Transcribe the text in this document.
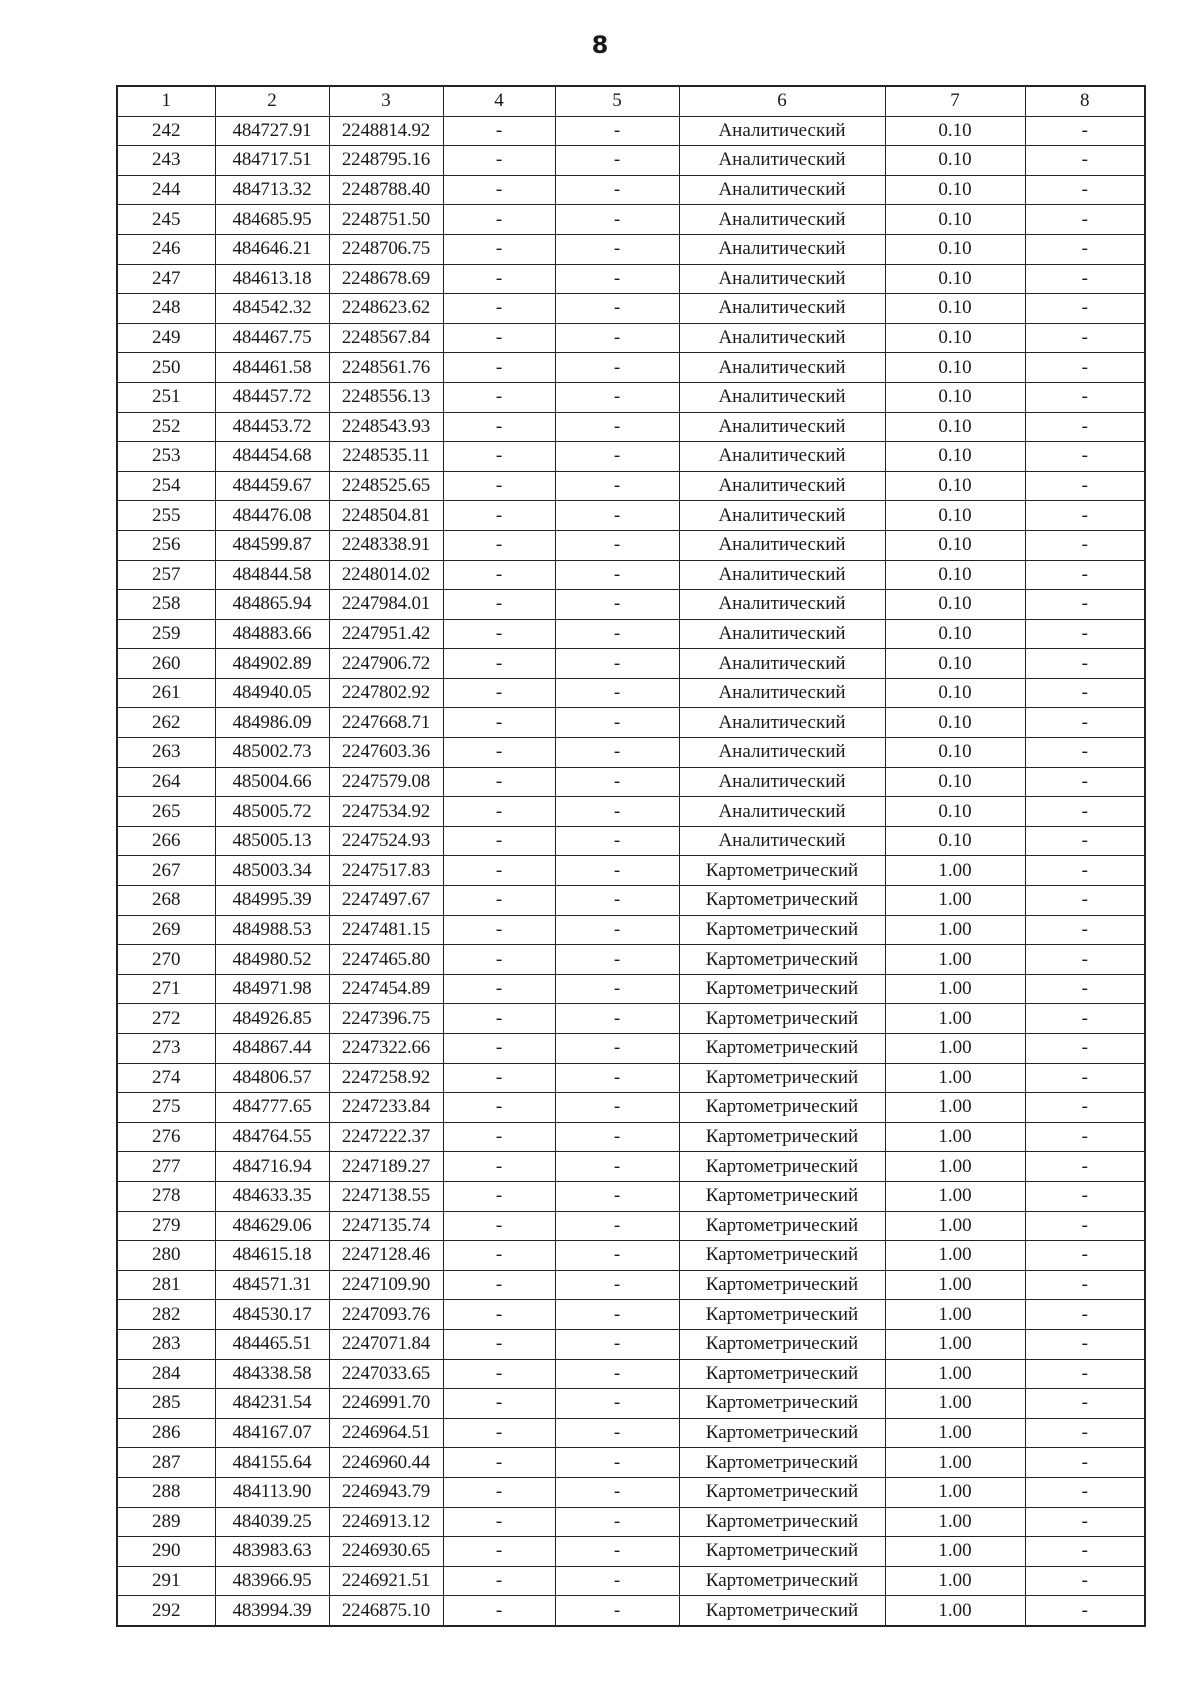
8
1	2	3	4	5	6	7	8
242	484727.91	2248814.92	-	-	Аналитический	0.10	-
243	484717.51	2248795.16	-	-	Аналитический	0.10	-
244	484713.32	2248788.40	-	-	Аналитический	0.10	-
245	484685.95	2248751.50	-	-	Аналитический	0.10	-
246	484646.21	2248706.75	-	-	Аналитический	0.10	-
247	484613.18	2248678.69	-	-	Аналитический	0.10	-
248	484542.32	2248623.62	-	-	Аналитический	0.10	-
249	484467.75	2248567.84	-	-	Аналитический	0.10	-
250	484461.58	2248561.76	-	-	Аналитический	0.10	-
251	484457.72	2248556.13	-	-	Аналитический	0.10	-
252	484453.72	2248543.93	-	-	Аналитический	0.10	-
253	484454.68	2248535.11	-	-	Аналитический	0.10	-
254	484459.67	2248525.65	-	-	Аналитический	0.10	-
255	484476.08	2248504.81	-	-	Аналитический	0.10	-
256	484599.87	2248338.91	-	-	Аналитический	0.10	-
257	484844.58	2248014.02	-	-	Аналитический	0.10	-
258	484865.94	2247984.01	-	-	Аналитический	0.10	-
259	484883.66	2247951.42	-	-	Аналитический	0.10	-
260	484902.89	2247906.72	-	-	Аналитический	0.10	-
261	484940.05	2247802.92	-	-	Аналитический	0.10	-
262	484986.09	2247668.71	-	-	Аналитический	0.10	-
263	485002.73	2247603.36	-	-	Аналитический	0.10	-
264	485004.66	2247579.08	-	-	Аналитический	0.10	-
265	485005.72	2247534.92	-	-	Аналитический	0.10	-
266	485005.13	2247524.93	-	-	Аналитический	0.10	-
267	485003.34	2247517.83	-	-	Картометрический	1.00	-
268	484995.39	2247497.67	-	-	Картометрический	1.00	-
269	484988.53	2247481.15	-	-	Картометрический	1.00	-
270	484980.52	2247465.80	-	-	Картометрический	1.00	-
271	484971.98	2247454.89	-	-	Картометрический	1.00	-
272	484926.85	2247396.75	-	-	Картометрический	1.00	-
273	484867.44	2247322.66	-	-	Картометрический	1.00	-
274	484806.57	2247258.92	-	-	Картометрический	1.00	-
275	484777.65	2247233.84	-	-	Картометрический	1.00	-
276	484764.55	2247222.37	-	-	Картометрический	1.00	-
277	484716.94	2247189.27	-	-	Картометрический	1.00	-
278	484633.35	2247138.55	-	-	Картометрический	1.00	-
279	484629.06	2247135.74	-	-	Картометрический	1.00	-
280	484615.18	2247128.46	-	-	Картометрический	1.00	-
281	484571.31	2247109.90	-	-	Картометрический	1.00	-
282	484530.17	2247093.76	-	-	Картометрический	1.00	-
283	484465.51	2247071.84	-	-	Картометрический	1.00	-
284	484338.58	2247033.65	-	-	Картометрический	1.00	-
285	484231.54	2246991.70	-	-	Картометрический	1.00	-
286	484167.07	2246964.51	-	-	Картометрический	1.00	-
287	484155.64	2246960.44	-	-	Картометрический	1.00	-
288	484113.90	2246943.79	-	-	Картометрический	1.00	-
289	484039.25	2246913.12	-	-	Картометрический	1.00	-
290	483983.63	2246930.65	-	-	Картометрический	1.00	-
291	483966.95	2246921.51	-	-	Картометрический	1.00	-
292	483994.39	2246875.10	-	-	Картометрический	1.00	-
